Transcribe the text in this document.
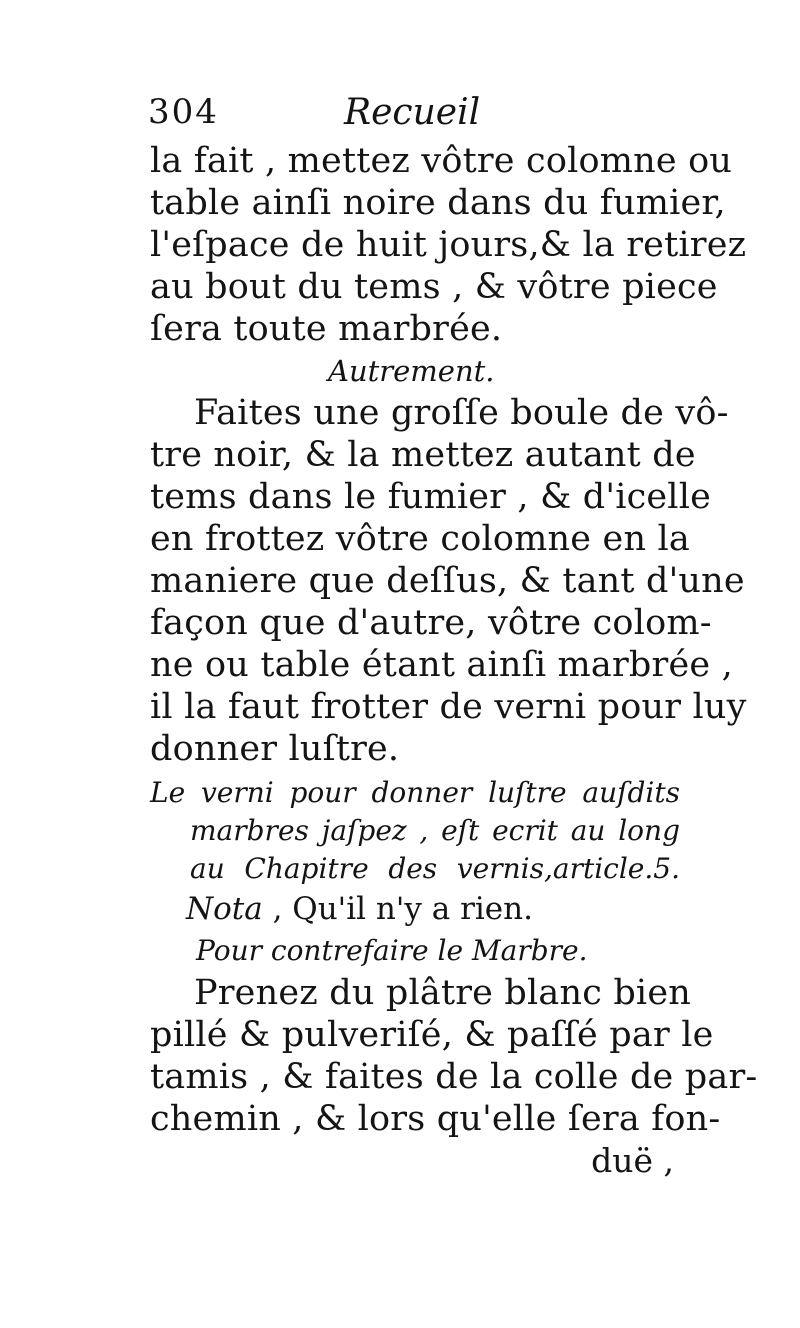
304	Recueil
la fait , mettez vôtre colomne ou
table ainſi noire dans du fumier,
l'eſpace de huit jours,& la retirez
au bout du tems , & vôtre piece
ſera toute marbrée.
Autrement.
Faites une groſſe boule de vô-
tre noir, & la mettez autant de
tems dans le fumier , & d'icelle
en frottez vôtre colomne en la
maniere que deſſus, & tant d'une
façon que d'autre, vôtre colom-
ne ou table étant ainſi marbrée ,
il la faut frotter de verni pour luy
donner luſtre.
Le verni pour donner luſtre auſdits
marbres jaſpez , eſt ecrit au long
au Chapitre des vernis,article.5.
Nota , Qu'il n'y a rien.
Pour contrefaire le Marbre.
Prenez du plâtre blanc bien
pillé & pulveriſé, & paſſé par le
tamis , & faites de la colle de par-
chemin , & lors qu'elle ſera fon-
duë ,
